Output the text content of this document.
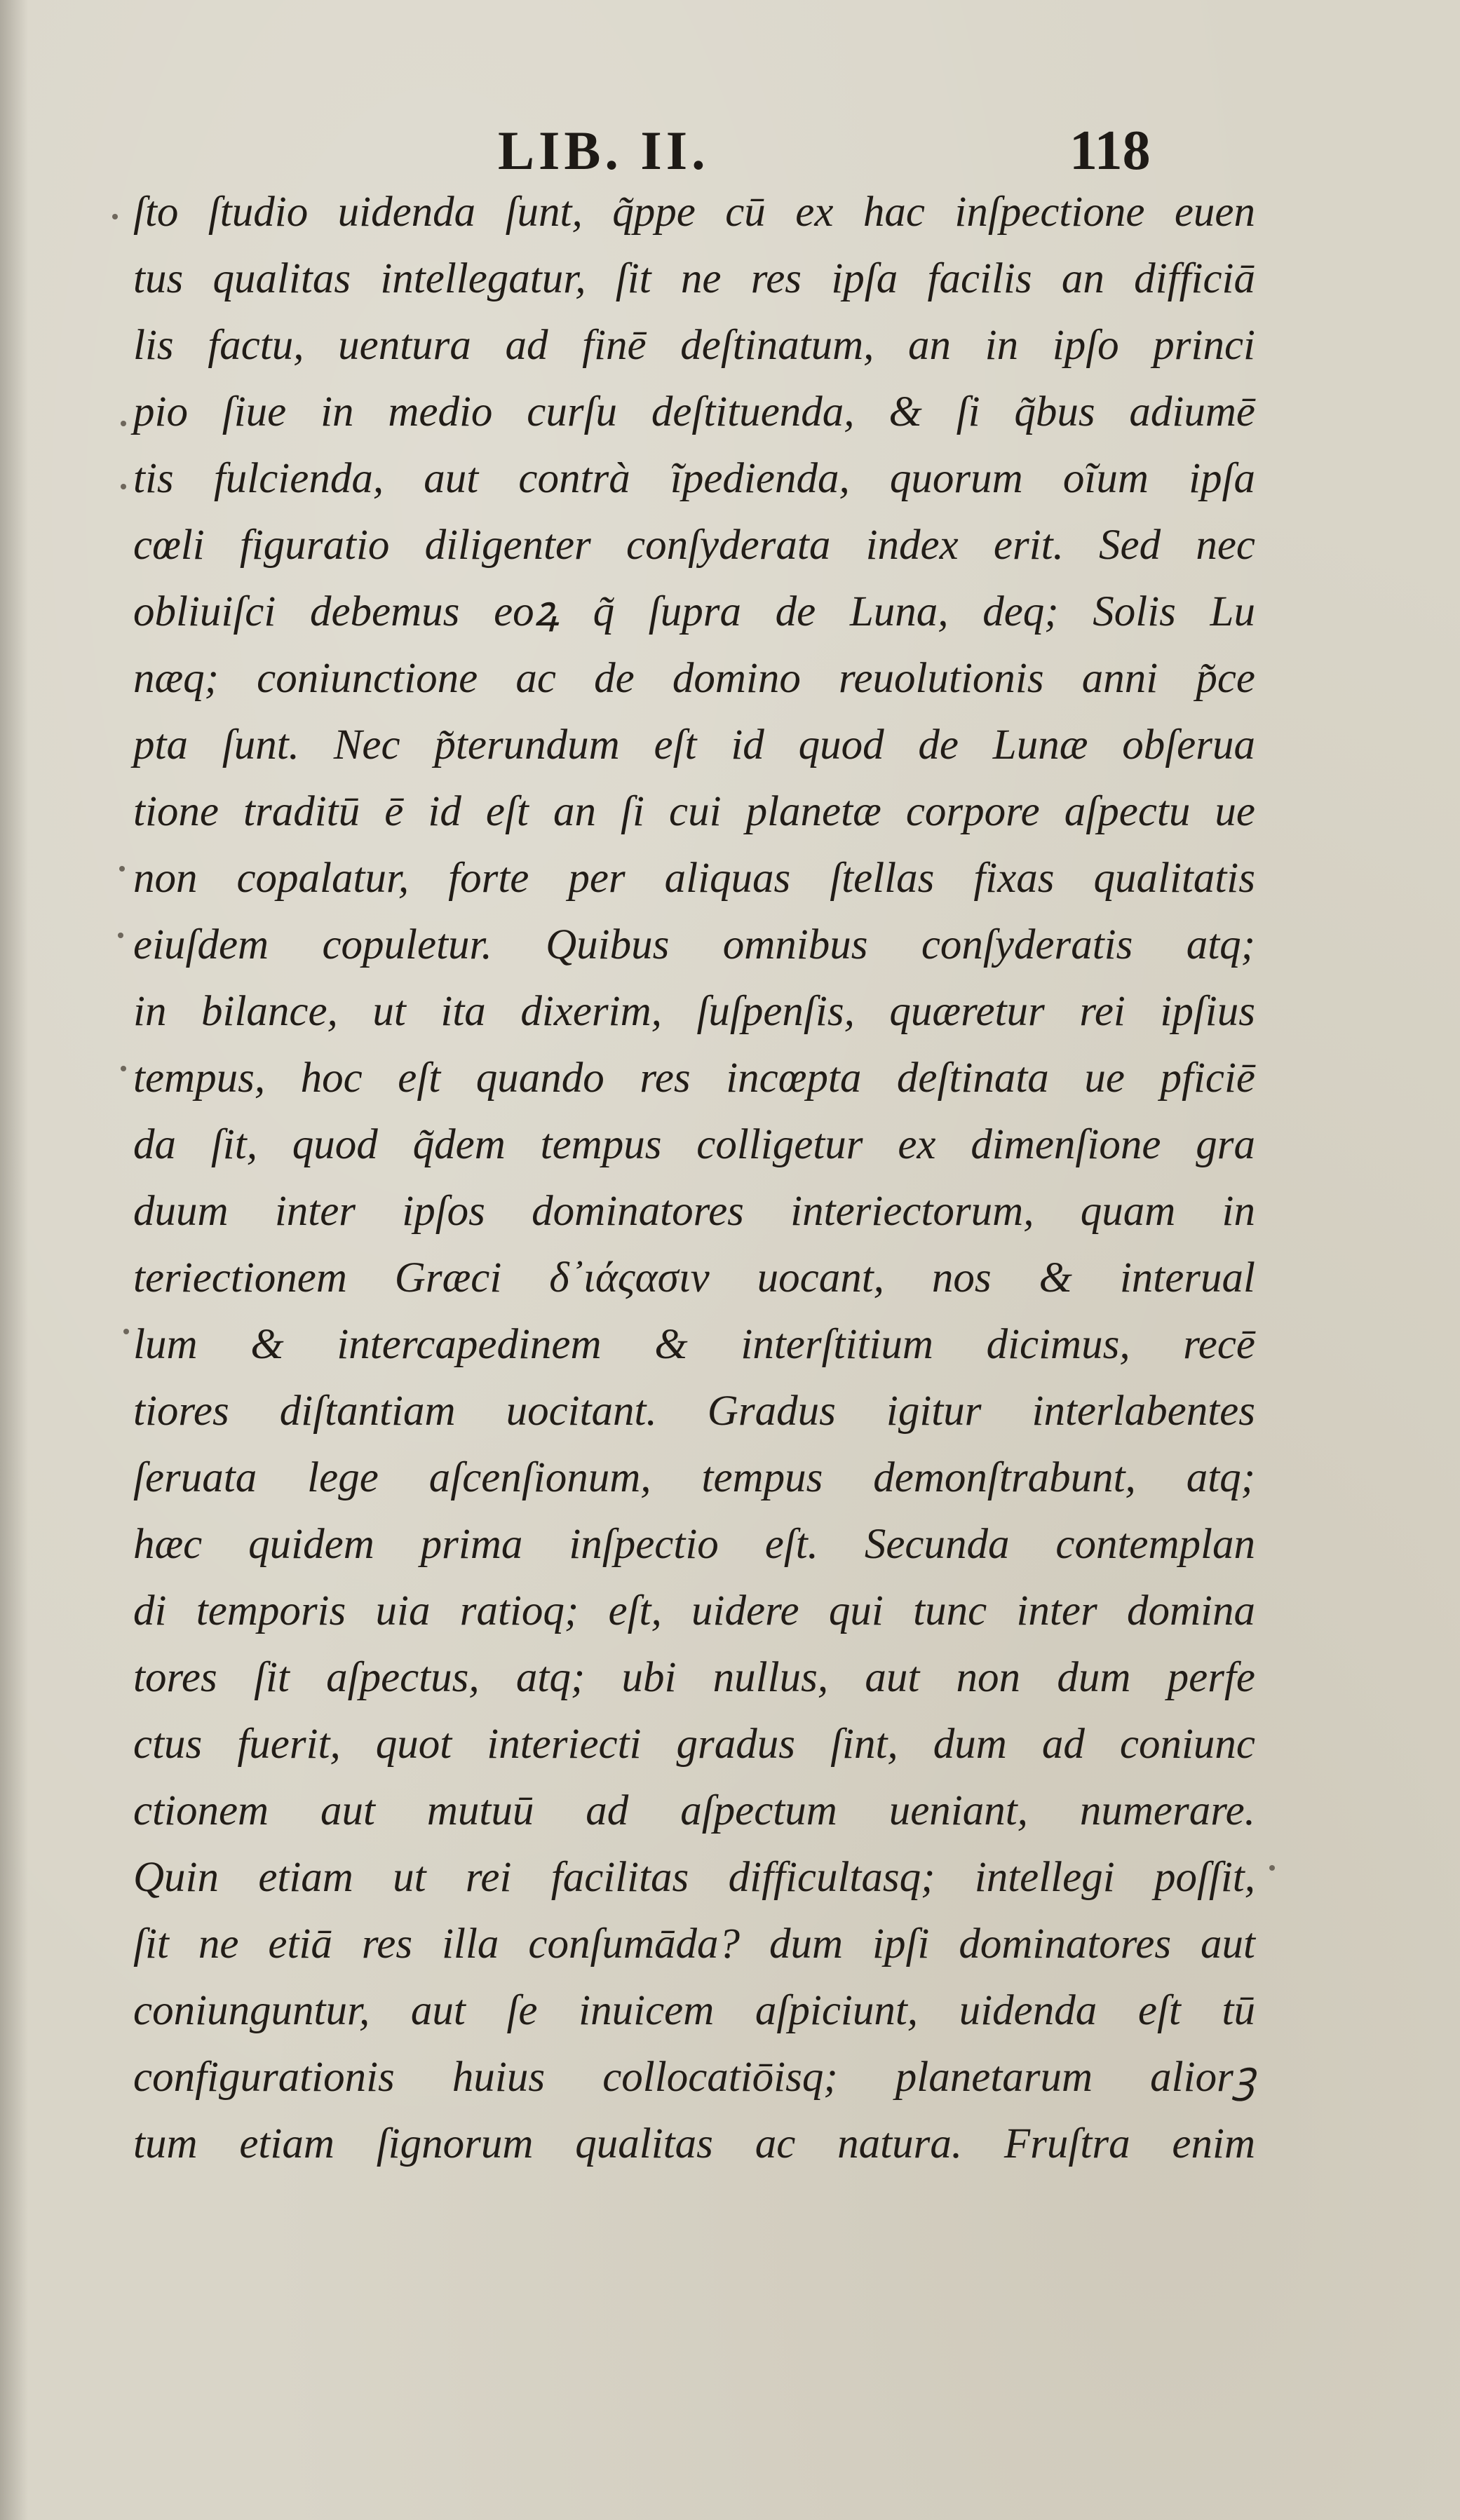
LIB. II.	118
ſto ſtudio uidenda ſunt, q̃ppe cū ex hac inſpectione euen
tus qualitas intellegatur, ſit ne res ipſa facilis an difficiā
lis factu, uentura ad finē deſtinatum, an in ipſo princi
pio ſiue in medio curſu deſtituenda, & ſi q̃bus adiumē
tis fulcienda, aut contrà ĩpedienda, quorum oĩum ipſa
cœli figuratio diligenter conſyderata index erit. Sed nec
obliuiſci debemus eoꝝ q̃ ſupra de Luna, deq; Solis Lu
næq; coniunctione ac de domino reuolutionis anni p̃ce
pta ſunt. Nec p̃terundum eſt id quod de Lunæ obſerua
tione traditū ē id eſt an ſi cui planetæ corpore aſpectu ue
non copalatur, forte per aliquas ſtellas fixas qualitatis
eiuſdem copuletur. Quibus omnibus conſyderatis atq;
in bilance, ut ita dixerim, ſuſpenſis, quæretur rei ipſius
tempus, hoc eſt quando res incœpta deſtinata ue pficiē
da ſit, quod q̃dem tempus colligetur ex dimenſione gra
duum inter ipſos dominatores interiectorum, quam in
teriectionem Græci δ᾽ιάςασιν uocant, nos & interual
lum & intercapedinem & interſtitium dicimus, recē
tiores diſtantiam uocitant. Gradus igitur interlabentes
ſeruata lege aſcenſionum, tempus demonſtrabunt, atq;
hæc quidem prima inſpectio eſt. Secunda contemplan
di temporis uia ratioq; eſt, uidere qui tunc inter domina
tores ſit aſpectus, atq; ubi nullus, aut non dum perfe
ctus fuerit, quot interiecti gradus ſint, dum ad coniunc
ctionem aut mutuū ad aſpectum ueniant, numerare.
Quin etiam ut rei facilitas difficultasq; intellegi poſſit,
ſit ne etiā res illa conſumāda? dum ipſi dominatores aut
coniunguntur, aut ſe inuicem aſpiciunt, uidenda eſt tū
configurationis huius collocatiōisq; planetarum aliorꝫ
tum etiam ſignorum qualitas ac natura. Fruſtra enim
